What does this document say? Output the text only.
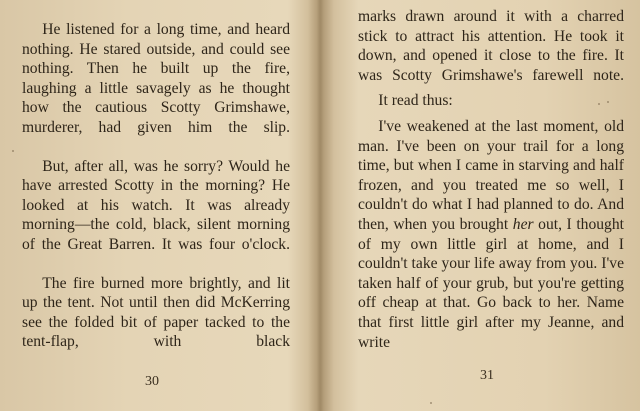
He listened for a long time, and heard nothing. He stared outside, and could see nothing. Then he built up the fire, laughing a little savagely as he thought how the cautious Scotty Grimshawe, murderer, had given him the slip.

But, after all, was he sorry? Would he have arrested Scotty in the morning? He looked at his watch. It was already morning—the cold, black, silent morning of the Great Barren. It was four o'clock.

The fire burned more brightly, and lit up the tent. Not until then did McKerring see the folded bit of paper tacked to the tent-flap, with black

30

marks drawn around it with a charred stick to attract his attention. He took it down, and opened it close to the fire. It was Scotty Grimshawe's farewell note.

It read thus:

I've weakened at the last moment, old man. I've been on your trail for a long time, but when I came in starving and half frozen, and you treated me so well, I couldn't do what I had planned to do. And then, when you brought her out, I thought of my own little girl at home, and I couldn't take your life away from you. I've taken half of your grub, but you're getting off cheap at that. Go back to her. Name that first little girl after my Jeanne, and write

31
